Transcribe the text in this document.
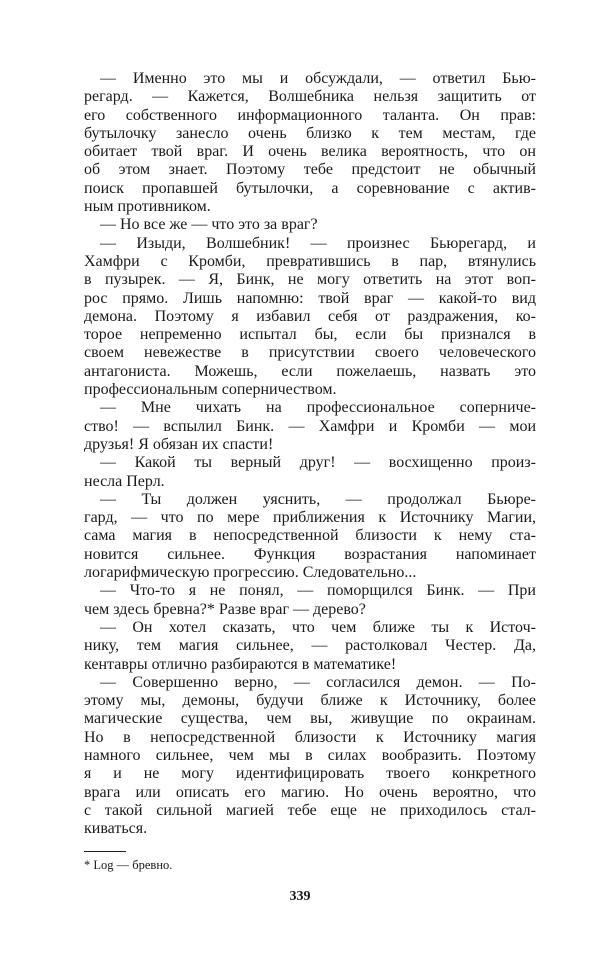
— Именно это мы и обсуждали, — ответил Бью-
регард. — Кажется, Волшебника нельзя защитить от
его собственного информационного таланта. Он прав:
бутылочку занесло очень близко к тем местам, где
обитает твой враг. И очень велика вероятность, что он
об этом знает. Поэтому тебе предстоит не обычный
поиск пропавшей бутылочки, а соревнование с актив-
ным противником.
— Но все же — что это за враг?
— Изыди, Волшебник! — произнес Бьюрегард, и
Хамфри с Кромби, превратившись в пар, втянулись
в пузырек. — Я, Бинк, не могу ответить на этот воп-
рос прямо. Лишь напомню: твой враг — какой-то вид
демона. Поэтому я избавил себя от раздражения, ко-
торое непременно испытал бы, если бы признался в
своем невежестве в присутствии своего человеческого
антагониста. Можешь, если пожелаешь, назвать это
профессиональным соперничеством.
— Мне чихать на профессиональное соперниче-
ство! — вспылил Бинк. — Хамфри и Кромби — мои
друзья! Я обязан их спасти!
— Какой ты верный друг! — восхищенно произ-
несла Перл.
— Ты должен уяснить, — продолжал Бьюре-
гард, — что по мере приближения к Источнику Магии,
сама магия в непосредственной близости к нему ста-
новится сильнее. Функция возрастания напоминает
логарифмическую прогрессию. Следовательно...
— Что-то я не понял, — поморщился Бинк. — При
чем здесь бревна?* Разве враг — дерево?
— Он хотел сказать, что чем ближе ты к Источ-
нику, тем магия сильнее, — растолковал Честер. Да,
кентавры отлично разбираются в математике!
— Совершенно верно, — согласился демон. — По-
этому мы, демоны, будучи ближе к Источнику, более
магические существа, чем вы, живущие по окраинам.
Но в непосредственной близости к Источнику магия
намного сильнее, чем мы в силах вообразить. Поэтому
я и не могу идентифицировать твоего конкретного
врага или описать его магию. Но очень вероятно, что
с такой сильной магией тебе еще не приходилось стал-
киваться.
* Log — бревно.
339
